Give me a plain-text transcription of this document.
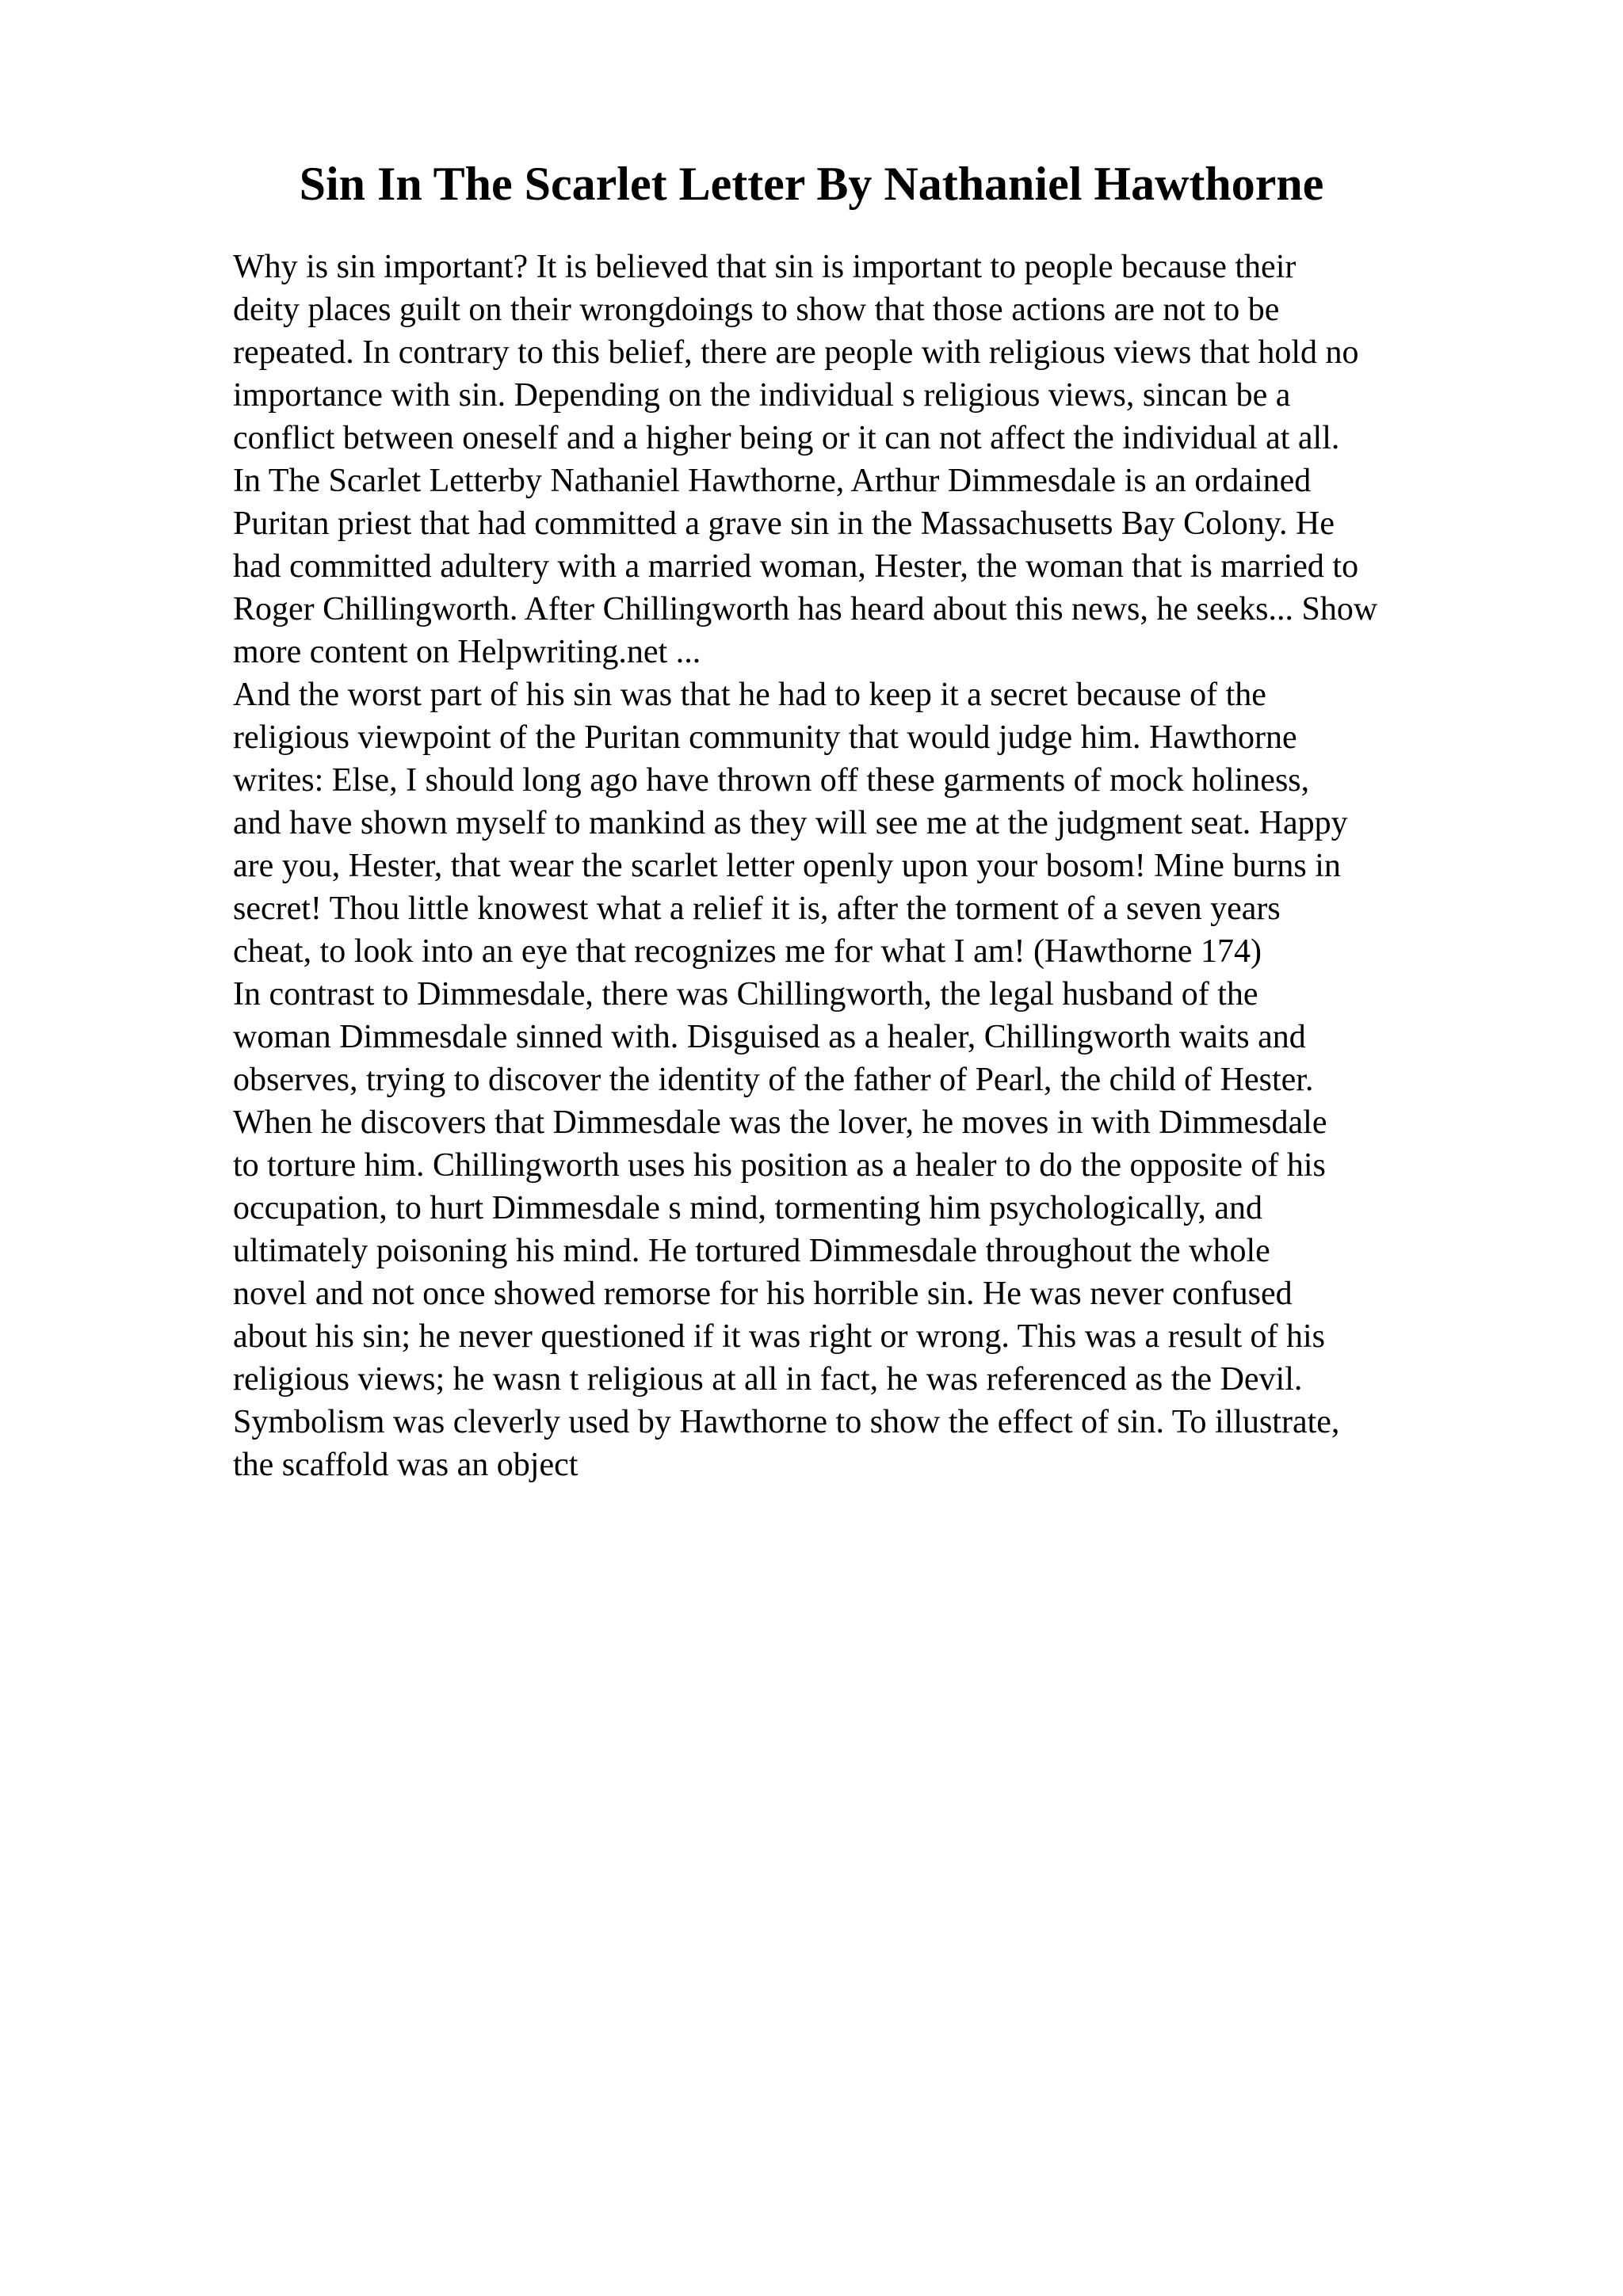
Sin In The Scarlet Letter By Nathaniel Hawthorne
Why is sin important? It is believed that sin is important to people because their
deity places guilt on their wrongdoings to show that those actions are not to be
repeated. In contrary to this belief, there are people with religious views that hold no
importance with sin. Depending on the individual s religious views, sincan be a
conflict between oneself and a higher being or it can not affect the individual at all.
In The Scarlet Letterby Nathaniel Hawthorne, Arthur Dimmesdale is an ordained
Puritan priest that had committed a grave sin in the Massachusetts Bay Colony. He
had committed adultery with a married woman, Hester, the woman that is married to
Roger Chillingworth. After Chillingworth has heard about this news, he seeks... Show
more content on Helpwriting.net ...
And the worst part of his sin was that he had to keep it a secret because of the
religious viewpoint of the Puritan community that would judge him. Hawthorne
writes: Else, I should long ago have thrown off these garments of mock holiness,
and have shown myself to mankind as they will see me at the judgment seat. Happy
are you, Hester, that wear the scarlet letter openly upon your bosom! Mine burns in
secret! Thou little knowest what a relief it is, after the torment of a seven years
cheat, to look into an eye that recognizes me for what I am! (Hawthorne 174)
In contrast to Dimmesdale, there was Chillingworth, the legal husband of the
woman Dimmesdale sinned with. Disguised as a healer, Chillingworth waits and
observes, trying to discover the identity of the father of Pearl, the child of Hester.
When he discovers that Dimmesdale was the lover, he moves in with Dimmesdale
to torture him. Chillingworth uses his position as a healer to do the opposite of his
occupation, to hurt Dimmesdale s mind, tormenting him psychologically, and
ultimately poisoning his mind. He tortured Dimmesdale throughout the whole
novel and not once showed remorse for his horrible sin. He was never confused
about his sin; he never questioned if it was right or wrong. This was a result of his
religious views; he wasn t religious at all in fact, he was referenced as the Devil.
Symbolism was cleverly used by Hawthorne to show the effect of sin. To illustrate,
the scaffold was an object
